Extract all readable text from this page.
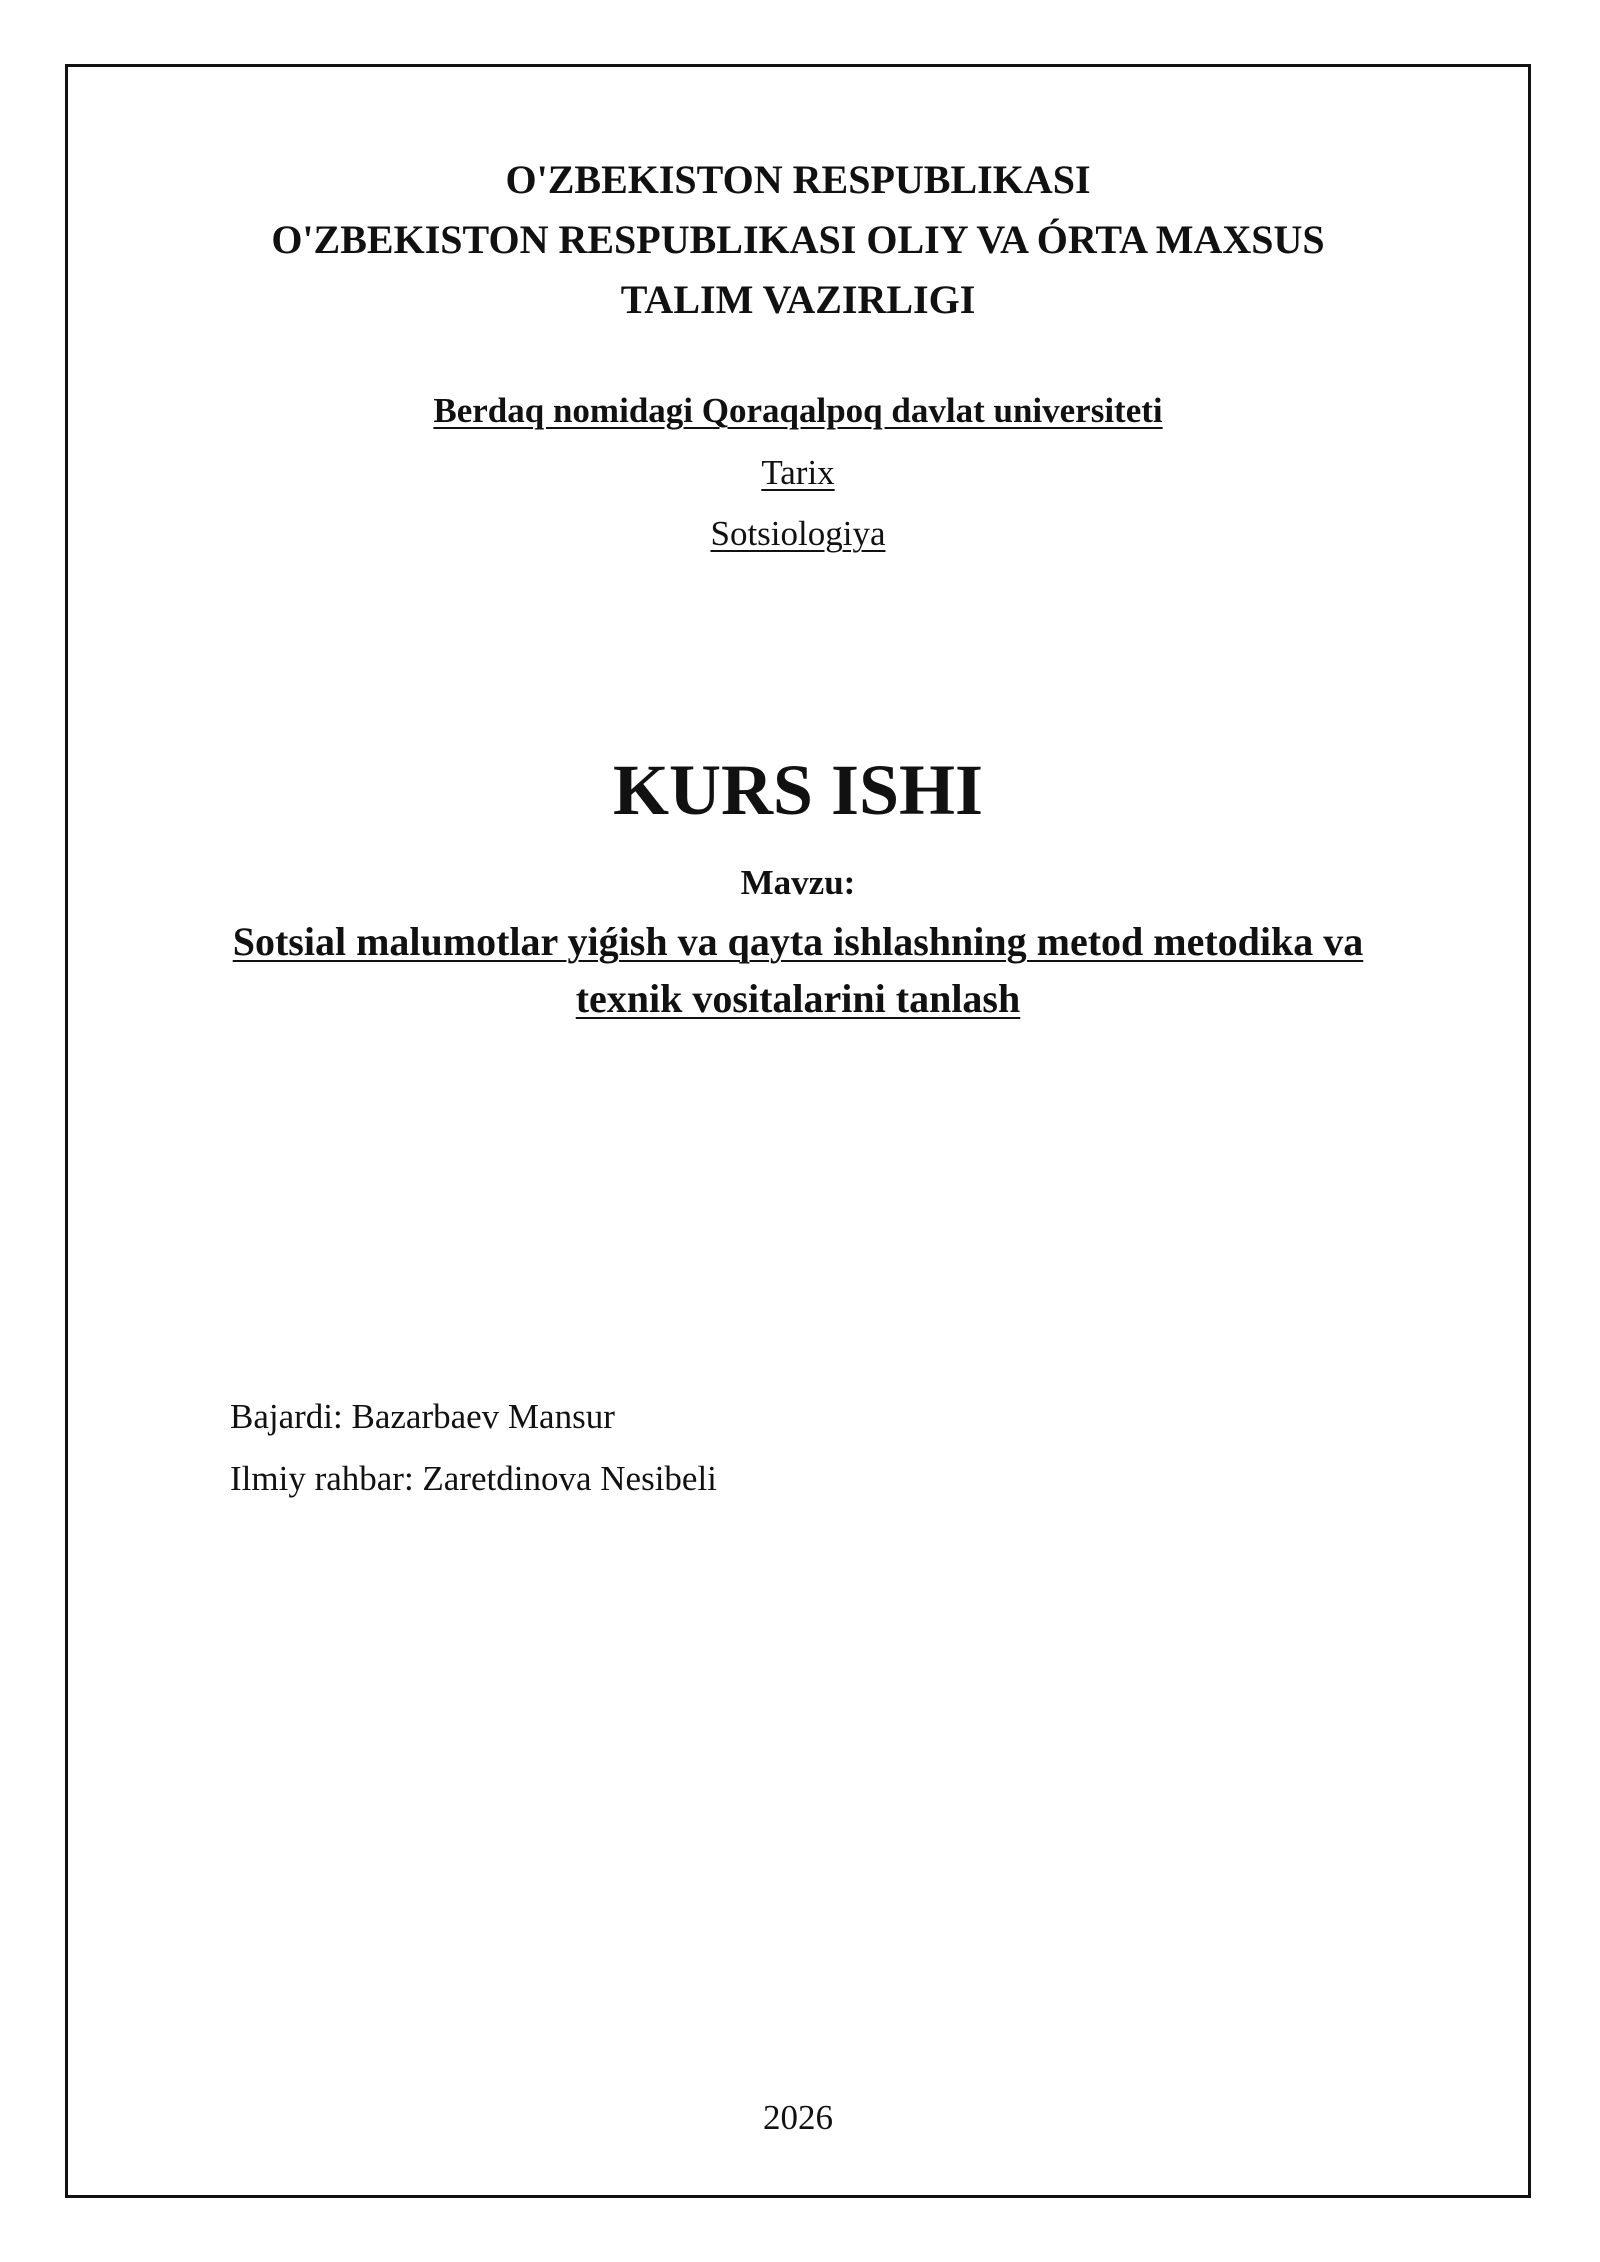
O'ZBEKISTON RESPUBLIKASI
O'ZBEKISTON RESPUBLIKASI OLIY VA ÓRTA MAXSUS
TALIM VAZIRLIGI

Berdaq nomidagi Qoraqalpoq davlat universiteti

Tarix

Sotsiologiya

KURS ISHI

Mavzu:

Sotsial malumotlar yiǵish va qayta ishlashning metod metodika va
texnik vositalarini tanlash

Bajardi: Bazarbaev Mansur

Ilmiy rahbar: Zaretdinova Nesibeli

2026
